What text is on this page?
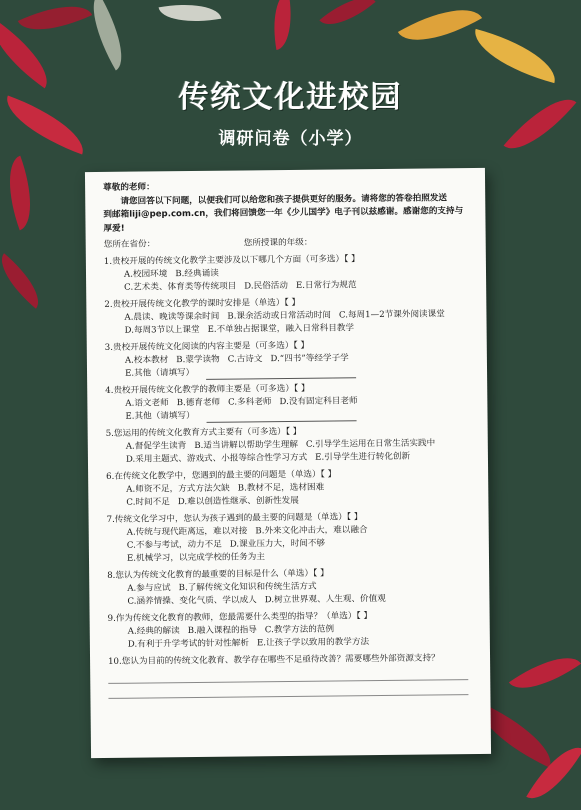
传统文化进校园
调研问卷（小学）

尊敬的老师：

请您回答以下问题，以便我们可以给您和孩子提供更好的服务。请将您的答卷拍照发送

到邮箱liji@pep.com.cn，我们将回馈您一年《少儿国学》电子刊以兹感谢。感谢您的支持与

厚爱!

您所在省份：	您所授课的年级：
1.贵校开展的传统文化教学主要涉及以下哪几个方面（可多选）【 】
A.校园环境 B.经典诵读
C.艺术类、体育类等传统项目 D.民俗活动 E.日常行为规范
2.贵校开展传统文化教学的课时安排是（单选）【 】
A.晨读、晚读等课余时间 B.课余活动或日常活动时间 C.每周1—2节课外阅读课堂
D.每周3节以上课堂 E.不单独占据课堂，融入日常科目教学
3.贵校开展传统文化阅读的内容主要是（可多选）【 】
A.校本教材 B.蒙学读物 C.古诗文 D.“四书”等经学子学
E.其他（请填写）
4.贵校开展传统文化教学的教师主要是（可多选）【 】
A.语文老师 B.德育老师 C.多科老师 D.没有固定科目老师
E.其他（请填写）
5.您运用的传统文化教育方式主要有（可多选）【 】
A.督促学生读背 B.适当讲解以帮助学生理解 C.引导学生运用在日常生活实践中
D.采用主题式、游戏式、小报等综合性学习方式 E.引导学生进行转化创新
6.在传统文化教学中，您遇到的最主要的问题是（单选）【 】
A.师资不足，方式方法欠缺 B.教材不足，选材困难
C.时间不足 D.难以创造性继承、创新性发展
7.传统文化学习中，您认为孩子遇到的最主要的问题是（单选）【 】
A.传统与现代距离远，难以对接 B.外来文化冲击大，难以融合
C.不参与考试，动力不足 D.课业压力大，时间不够
E.机械学习，以完成学校的任务为主
8.您认为传统文化教育的最重要的目标是什么（单选）【 】
A.参与应试 B.了解传统文化知识和传统生活方式
C.涵养情操、变化气质、学以成人 D.树立世界观、人生观、价值观
9.作为传统文化教育的教师，您最需要什么类型的指导？（单选）【 】
A.经典的解读 B.融入课程的指导 C.教学方法的范例
D.有利于升学考试的针对性解析 E.让孩子学以致用的教学方法
10.您认为目前的传统文化教育、教学存在哪些不足亟待改善？需要哪些外部资源支持？
